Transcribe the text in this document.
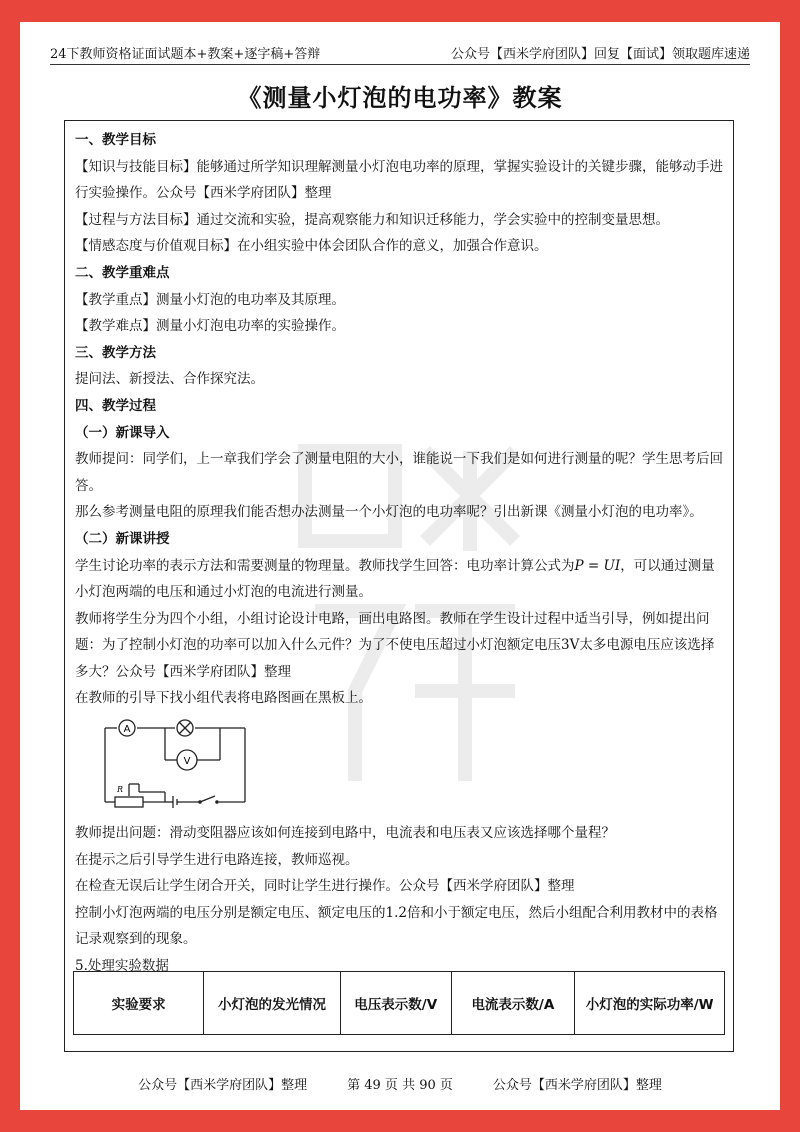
24下教师资格证面试题本+教案+逐字稿+答辩	公众号【西米学府团队】回复【面试】领取题库速递
《测量小灯泡的电功率》教案

一、教学目标

【知识与技能目标】能够通过所学知识理解测量小灯泡电功率的原理，掌握实验设计的关键步骤，能够动手进行实验操作。公众号【西米学府团队】整理

【过程与方法目标】通过交流和实验，提高观察能力和知识迁移能力，学会实验中的控制变量思想。

【情感态度与价值观目标】在小组实验中体会团队合作的意义，加强合作意识。

二、教学重难点

【教学重点】测量小灯泡的电功率及其原理。

【教学难点】测量小灯泡电功率的实验操作。

三、教学方法

提问法、新授法、合作探究法。

四、教学过程

（一）新课导入

教师提问：同学们，上一章我们学会了测量电阻的大小，谁能说一下我们是如何进行测量的呢？学生思考后回答。

那么参考测量电阻的原理我们能否想办法测量一个小灯泡的电功率呢？引出新课《测量小灯泡的电功率》。

（二）新课讲授

学生讨论功率的表示方法和需要测量的物理量。教师找学生回答：电功率计算公式为P = UI，可以通过测量小灯泡两端的电压和通过小灯泡的电流进行测量。

教师将学生分为四个小组，小组讨论设计电路，画出电路图。教师在学生设计过程中适当引导，例如提出问题：为了控制小灯泡的功率可以加入什么元件？为了不使电压超过小灯泡额定电压3V太多电源电压应该选择多大？公众号【西米学府团队】整理

在教师的引导下找小组代表将电路图画在黑板上。

A
V
R

教师提出问题：滑动变阻器应该如何连接到电路中，电流表和电压表又应该选择哪个量程？

在提示之后引导学生进行电路连接，教师巡视。

在检查无误后让学生闭合开关，同时让学生进行操作。公众号【西米学府团队】整理

控制小灯泡两端的电压分别是额定电压、额定电压的1.2倍和小于额定电压，然后小组配合利用教材中的表格记录观察到的现象。

5.处理实验数据

实验要求	小灯泡的发光情况	电压表示数/V	电流表示数/A	小灯泡的实际功率/W
公众号【西米学府团队】整理	第 49 页 共 90 页	公众号【西米学府团队】整理
